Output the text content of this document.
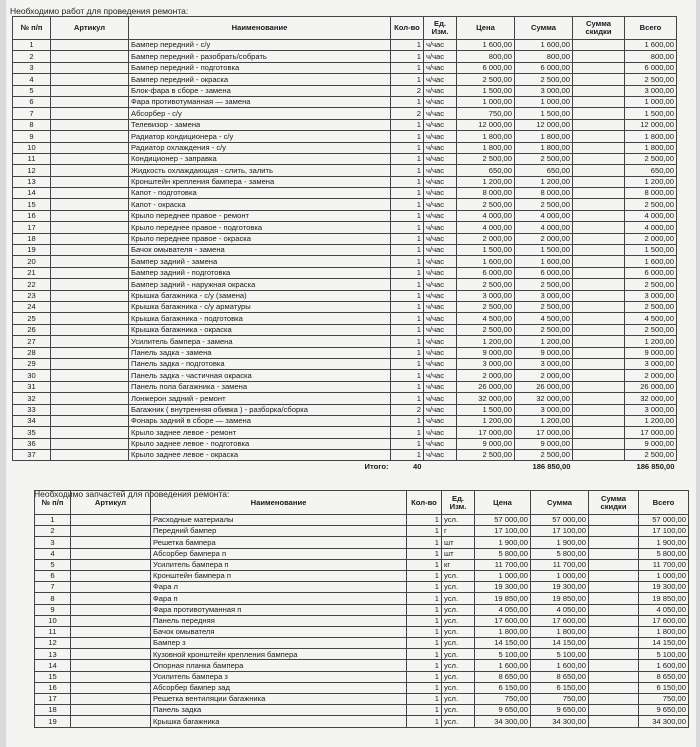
Необходимо работ для проведения ремонта:
№ п/п	Артикул	Наименование	Кол-во	Ед. Изм.	Цена	Сумма	Сумма скидки	Всего
1		Бампер передний - с/у	1	ч/час	1 600,00	1 600,00		1 600,00
2		Бампер передний - разобрать/собрать	1	ч/час	800,00	800,00		800,00
3		Бампер передний - подготовка	1	ч/час	6 000,00	6 000,00		6 000,00
4		Бампер передний - окраска	1	ч/час	2 500,00	2 500,00		2 500,00
5		Блок-фара в сборе - замена	2	ч/час	1 500,00	3 000,00		3 000,00
6		Фара противотуманная — замена	1	ч/час	1 000,00	1 000,00		1 000,00
7		Абсорбер - с/у	2	ч/час	750,00	1 500,00		1 500,00
8		Телевизор - замена	1	ч/час	12 000,00	12 000,00		12 000,00
9		Радиатор кондиционера - с/у	1	ч/час	1 800,00	1 800,00		1 800,00
10		Радиатор охлаждения - с/у	1	ч/час	1 800,00	1 800,00		1 800,00
11		Кондиционер - заправка	1	ч/час	2 500,00	2 500,00		2 500,00
12		Жидкость охлаждающая - слить, залить	1	ч/час	650,00	650,00		650,00
13		Кронштейн крепления бампера - замена	1	ч/час	1 200,00	1 200,00		1 200,00
14		Капот - подготовка	1	ч/час	8 000,00	8 000,00		8 000,00
15		Капот - окраска	1	ч/час	2 500,00	2 500,00		2 500,00
16		Крыло переднее правое - ремонт	1	ч/час	4 000,00	4 000,00		4 000,00
17		Крыло переднее правое - подготовка	1	ч/час	4 000,00	4 000,00		4 000,00
18		Крыло переднее правое - окраска	1	ч/час	2 000,00	2 000,00		2 000,00
19		Бачок омывателя - замена	1	ч/час	1 500,00	1 500,00		1 500,00
20		Бампер задний - замена	1	ч/час	1 600,00	1 600,00		1 600,00
21		Бампер задний - подготовка	1	ч/час	6 000,00	6 000,00		6 000,00
22		Бампер задний - наружная окраска	1	ч/час	2 500,00	2 500,00		2 500,00
23		Крышка багажника - с/у (замена)	1	ч/час	3 000,00	3 000,00		3 000,00
24		Крышка багажника - с/у арматуры	1	ч/час	2 500,00	2 500,00		2 500,00
25		Крышка багажника - подготовка	1	ч/час	4 500,00	4 500,00		4 500,00
26		Крышка багажника - окраска	1	ч/час	2 500,00	2 500,00		2 500,00
27		Усилитель бампера - замена	1	ч/час	1 200,00	1 200,00		1 200,00
28		Панель задка - замена	1	ч/час	9 000,00	9 000,00		9 000,00
29		Панель задка - подготовка	1	ч/час	3 000,00	3 000,00		3 000,00
30		Панель задка - частичная окраска	1	ч/час	2 000,00	2 000,00		2 000,00
31		Панель пола багажника - замена	1	ч/час	26 000,00	26 000,00		26 000,00
32		Лонжерон задний - ремонт	1	ч/час	32 000,00	32 000,00		32 000,00
33		Багажник ( внутренняя обивка ) - разборка/сборка	2	ч/час	1 500,00	3 000,00		3 000,00
34		Фонарь задний в сборе — замена	1	ч/час	1 200,00	1 200,00		1 200,00
35		Крыло заднее левое - ремонт	1	ч/час	17 000,00	17 000,00		17 000,00
36		Крыло заднее левое - подготовка	1	ч/час	9 000,00	9 000,00		9 000,00
37		Крыло заднее левое - окраска	1	ч/час	2 500,00	2 500,00		2 500,00
		Итого:	40			186 850,00		186 850,00
Необходимо запчастей для проведения ремонта:
№ п/п	Артикул	Наименование	Кол-во	Ед. Изм.	Цена	Сумма	Сумма скидки	Всего
1		Расходные материалы	1	усл.	57 000,00	57 000,00		57 000,00
2		Передний бампер	1	г	17 100,00	17 100,00		17 100,00
3		Решетка бампера	1	шт	1 900,00	1 900,00		1 900,00
4		Абсорбер бампера п	1	шт	5 800,00	5 800,00		5 800,00
5		Усилитель бампера п	1	кг	11 700,00	11 700,00		11 700,00
6		Кронштейн бампера п	1	усл.	1 000,00	1 000,00		1 000,00
7		Фара л	1	усл.	19 300,00	19 300,00		19 300,00
8		Фара п	1	усл.	19 850,00	19 850,00		19 850,00
9		Фара противотуманная п	1	усл.	4 050,00	4 050,00		4 050,00
10		Панель передняя	1	усл.	17 600,00	17 600,00		17 600,00
11		Бачок омывателя	1	усл.	1 800,00	1 800,00		1 800,00
12		Бампер з	1	усл.	14 150,00	14 150,00		14 150,00
13		Кузовной кронштейн крепления бампера	1	усл.	5 100,00	5 100,00		5 100,00
14		Опорная планка бампера	1	усл.	1 600,00	1 600,00		1 600,00
15		Усилитель бампера з	1	усл.	8 650,00	8 650,00		8 650,00
16		Абсорбер бампер зад	1	усл.	6 150,00	6 150,00		6 150,00
17		Решетка вентиляции багажника	1	усл.	750,00	750,00		750,00
18		Панель задка	1	усл.	9 650,00	9 650,00		9 650,00
19		Крышка багажника	1	усл.	34 300,00	34 300,00		34 300,00
